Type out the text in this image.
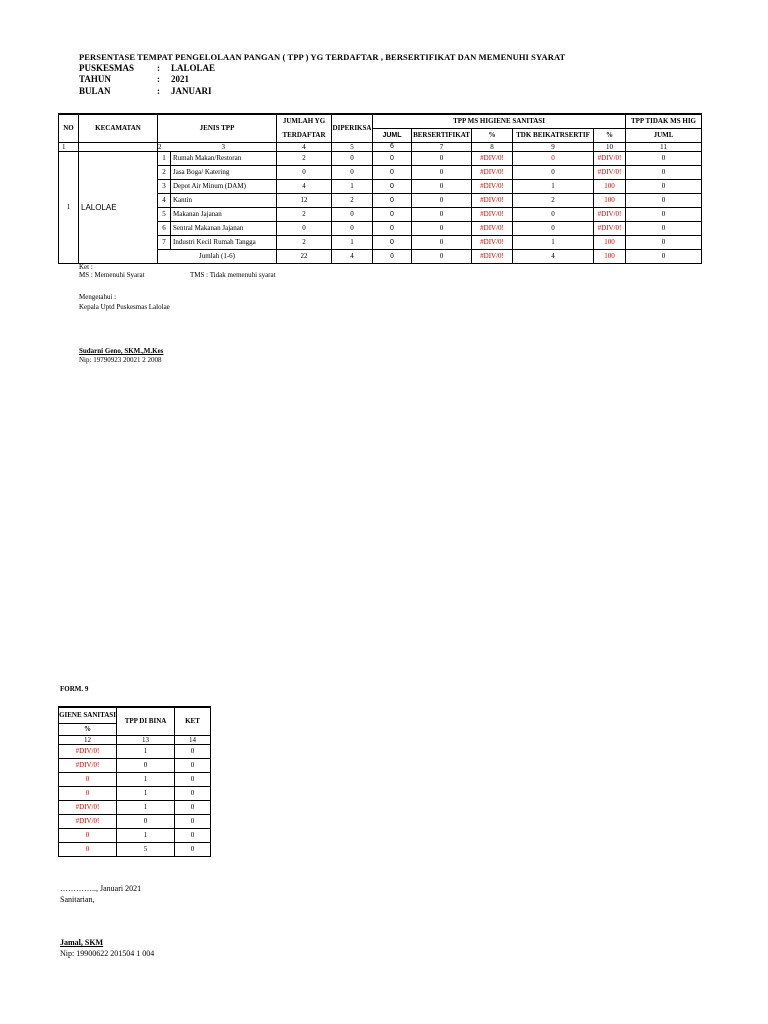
PERSENTASE TEMPAT PENGELOLAAN PANGAN ( TPP ) YG TERDAFTAR , BERSERTIFIKAT DAN MEMENUHI SYARAT
PUSKESMAS	: LALOLAE
TAHUN	: 2021
BULAN	: JANUARI
NO	KECAMATAN	JENIS TPP		JUMLAH YG	DIPERIKSA	TPP MS HIGIENE SANITASI					TPP TIDAK MS HIG
				TERDAFTAR		JUML	BERSERTIFIKAT	%	TDK BEIKATRSERTIF	%	JUML
1		2 3		4	5	6	7	8	9	10	11
1	LALOLAE	1	Rumah Makan/Restoran	2	0	0	0	#DIV/0!	0	#DIV/0!	0
		2	Jasa Boga/ Katering	0	0	0	0	#DIV/0!	0	#DIV/0!	0
		3	Depot Air Minum (DAM)	4	1	0	0	#DIV/0!	1	100	0
		4	Kantin	12	2	0	0	#DIV/0!	2	100	0
		5	Makanan Jajanan	2	0	0	0	#DIV/0!	0	#DIV/0!	0
		6	Sentral Makanan Jajanan	0	0	0	0	#DIV/0!	0	#DIV/0!	0
		7	Industri Kecil Rumah Tangga	2	1	0	0	#DIV/0!	1	100	0
		Jumlah (1-6)		22	4	0	0	#DIV/0!	4	100	0
Ket :
MS : Memenuhi Syarat	TMS : Tidak memenuhi syarat
Mengetahui :
Kepala Uptd Puskesmas Lalolae
Sudarni Geno, SKM.,M.Kes
Nip: 19790923 20021 2 2008
FORM. 9
GIENE SANITASI	TPP DI BINA	KET
%		
12	13	14
#DIV/0!	1	0
#DIV/0!	0	0
0	1	0
0	1	0
#DIV/0!	1	0
#DIV/0!	0	0
0	1	0
0	5	0
………….., Januari 2021
Sanitarian,
Jamal, SKM
Nip: 19900622 201504 1 004
